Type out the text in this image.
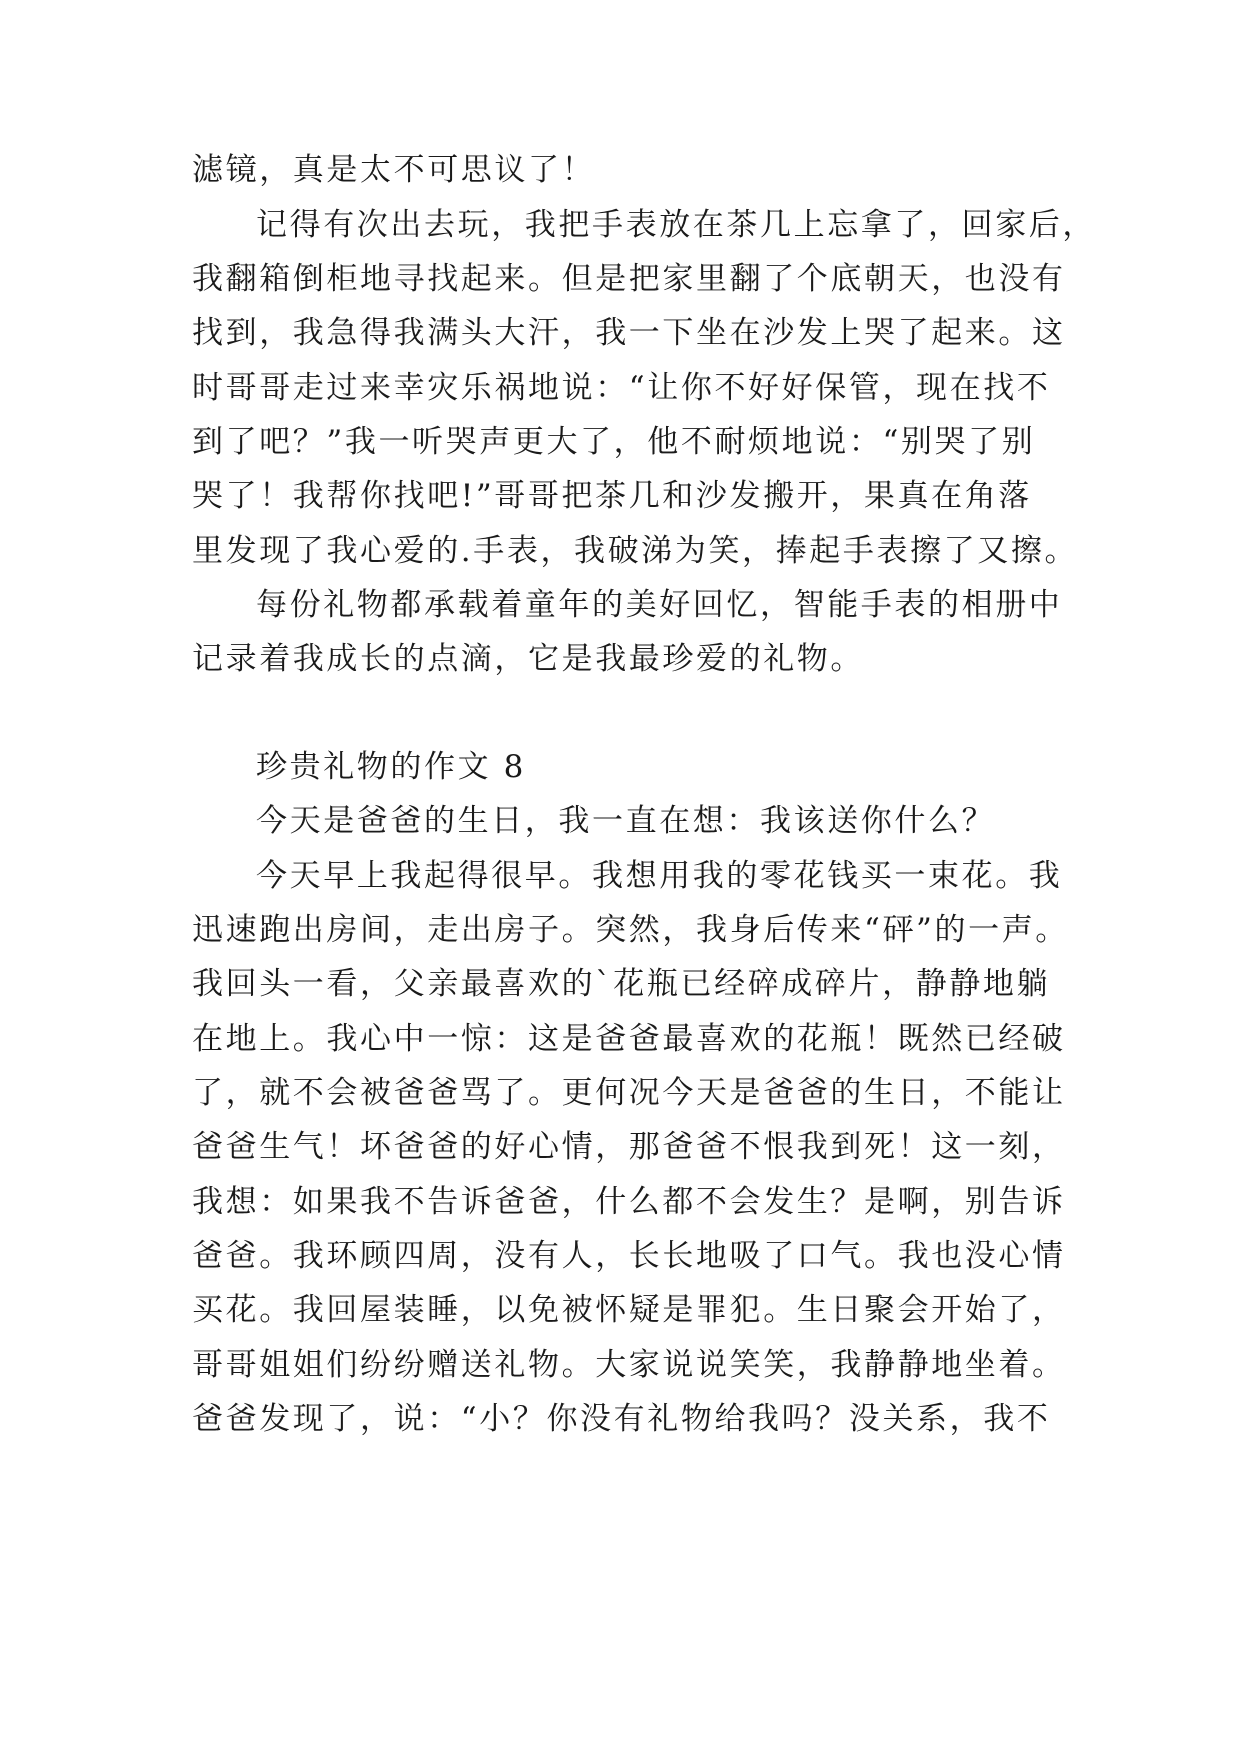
滤镜，真是太不可思议了！
记得有次出去玩，我把手表放在茶几上忘拿了，回家后，
我翻箱倒柜地寻找起来。但是把家里翻了个底朝天，也没有
找到，我急得我满头大汗，我一下坐在沙发上哭了起来。这
时哥哥走过来幸灾乐祸地说：“让你不好好保管，现在找不
到了吧？”我一听哭声更大了，他不耐烦地说：“别哭了别
哭了！我帮你找吧!”哥哥把茶几和沙发搬开，果真在角落
里发现了我心爱的.手表，我破涕为笑，捧起手表擦了又擦。
每份礼物都承载着童年的美好回忆，智能手表的相册中
记录着我成长的点滴，它是我最珍爱的礼物。
珍贵礼物的作文 8
今天是爸爸的生日，我一直在想：我该送你什么？
今天早上我起得很早。我想用我的零花钱买一束花。我
迅速跑出房间，走出房子。突然，我身后传来“砰”的一声。
我回头一看，父亲最喜欢的`花瓶已经碎成碎片，静静地躺
在地上。我心中一惊：这是爸爸最喜欢的花瓶！既然已经破
了，就不会被爸爸骂了。更何况今天是爸爸的生日，不能让
爸爸生气！坏爸爸的好心情，那爸爸不恨我到死！这一刻，
我想：如果我不告诉爸爸，什么都不会发生？是啊，别告诉
爸爸。我环顾四周，没有人，长长地吸了口气。我也没心情
买花。我回屋装睡，以免被怀疑是罪犯。生日聚会开始了，
哥哥姐姐们纷纷赠送礼物。大家说说笑笑，我静静地坐着。
爸爸发现了，说：“小？你没有礼物给我吗？没关系，我不
